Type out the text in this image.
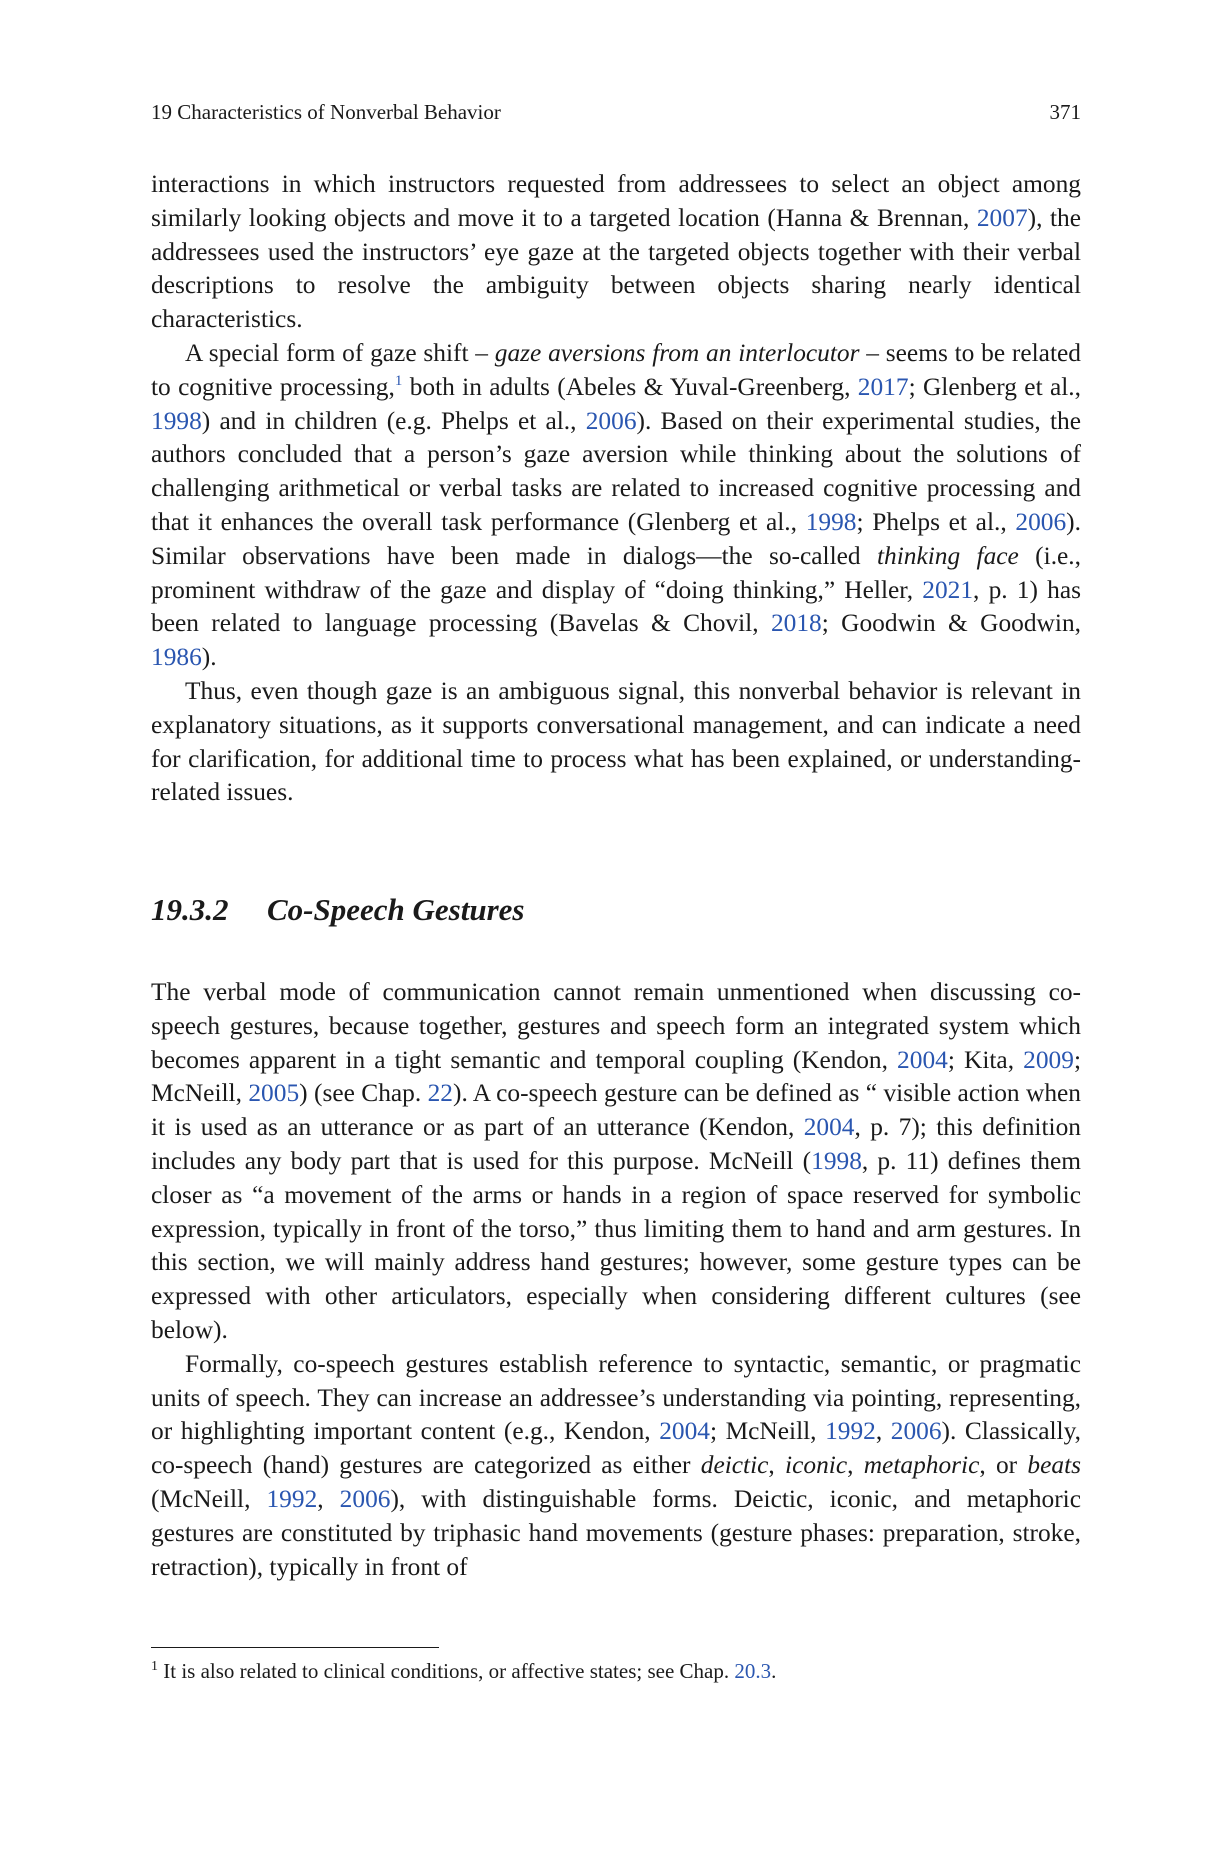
19 Characteristics of Nonverbal Behavior	371

interactions in which instructors requested from addressees to select an object among similarly looking objects and move it to a targeted location (Hanna & Brennan, 2007), the addressees used the instructors’ eye gaze at the targeted objects together with their verbal descriptions to resolve the ambiguity between objects sharing nearly identical characteristics.

A special form of gaze shift – gaze aversions from an interlocutor – seems to be related to cognitive processing,$^1$ both in adults (Abeles & Yuval-Greenberg, 2017; Glenberg et al., 1998) and in children (e.g. Phelps et al., 2006). Based on their experimental studies, the authors concluded that a person’s gaze aversion while thinking about the solutions of challenging arithmetical or verbal tasks are related to increased cognitive processing and that it enhances the overall task performance (Glenberg et al., 1998; Phelps et al., 2006). Similar observations have been made in dialogs—the so-called thinking face (i.e., prominent withdraw of the gaze and display of “doing thinking,” Heller, 2021, p. 1) has been related to language processing (Bavelas & Chovil, 2018; Goodwin & Goodwin, 1986).

Thus, even though gaze is an ambiguous signal, this nonverbal behavior is relevant in explanatory situations, as it supports conversational management, and can indicate a need for clarification, for additional time to process what has been explained, or understanding-related issues.

19.3.2 Co-Speech Gestures

The verbal mode of communication cannot remain unmentioned when discussing co-speech gestures, because together, gestures and speech form an integrated system which becomes apparent in a tight semantic and temporal coupling (Kendon, 2004; Kita, 2009; McNeill, 2005) (see Chap. 22). A co-speech gesture can be defined as “ visible action when it is used as an utterance or as part of an utterance (Kendon, 2004, p. 7); this definition includes any body part that is used for this purpose. McNeill (1998, p. 11) defines them closer as “a movement of the arms or hands in a region of space reserved for symbolic expression, typically in front of the torso,” thus limiting them to hand and arm gestures. In this section, we will mainly address hand gestures; however, some gesture types can be expressed with other articulators, especially when considering different cultures (see below).

Formally, co-speech gestures establish reference to syntactic, semantic, or pragmatic units of speech. They can increase an addressee’s understanding via pointing, representing, or highlighting important content (e.g., Kendon, 2004; McNeill, 1992, 2006). Classically, co-speech (hand) gestures are categorized as either deictic, iconic, metaphoric, or beats (McNeill, 1992, 2006), with distinguishable forms. Deictic, iconic, and metaphoric gestures are constituted by triphasic hand movements (gesture phases: preparation, stroke, retraction), typically in front of

$^1$ It is also related to clinical conditions, or affective states; see Chap. 20.3.
